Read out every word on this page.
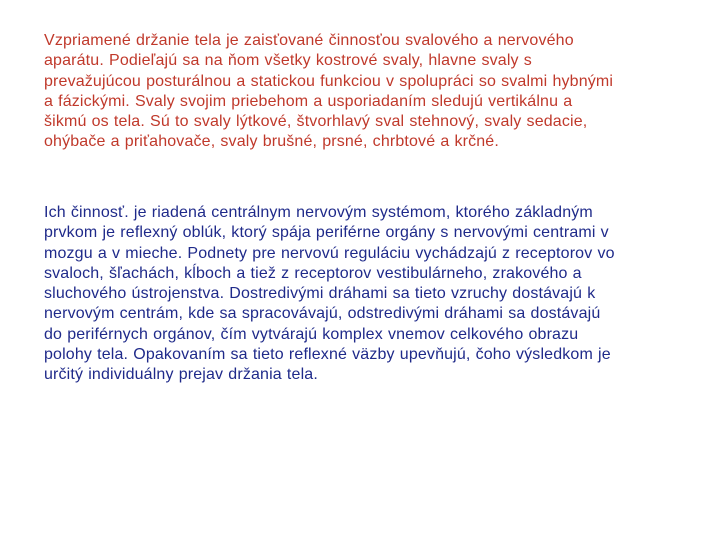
Vzpriamené držanie tela je zaisťované činnosťou svalového a nervového
aparátu. Podieľajú sa na ňom všetky kostrové svaly, hlavne svaly s
prevažujúcou posturálnou a statickou funkciou v spolupráci so svalmi hybnými
a fázickými. Svaly svojim priebehom a usporiadaním sledujú vertikálnu a
šikmú os tela. Sú to svaly lýtkové, štvorhlavý sval stehnový, svaly sedacie,
ohýbače a priťahovače, svaly brušné, prsné, chrbtové a krčné.
Ich činnosť. je riadená centrálnym nervovým systémom, ktorého základným
prvkom je reflexný oblúk, ktorý spája periférne orgány s nervovými centrami v
mozgu a v mieche. Podnety pre nervovú reguláciu vychádzajú z receptorov vo
svaloch, šľachách, kĺboch a tiež z receptorov vestibulárneho, zrakového a
sluchového ústrojenstva. Dostredivými dráhami sa tieto vzruchy dostávajú k
nervovým centrám, kde sa spracovávajú, odstredivými dráhami sa dostávajú
do periférnych orgánov, čím vytvárajú komplex vnemov celkového obrazu
polohy tela. Opakovaním sa tieto reflexné väzby upevňujú, čoho výsledkom je
určitý individuálny prejav držania tela.
